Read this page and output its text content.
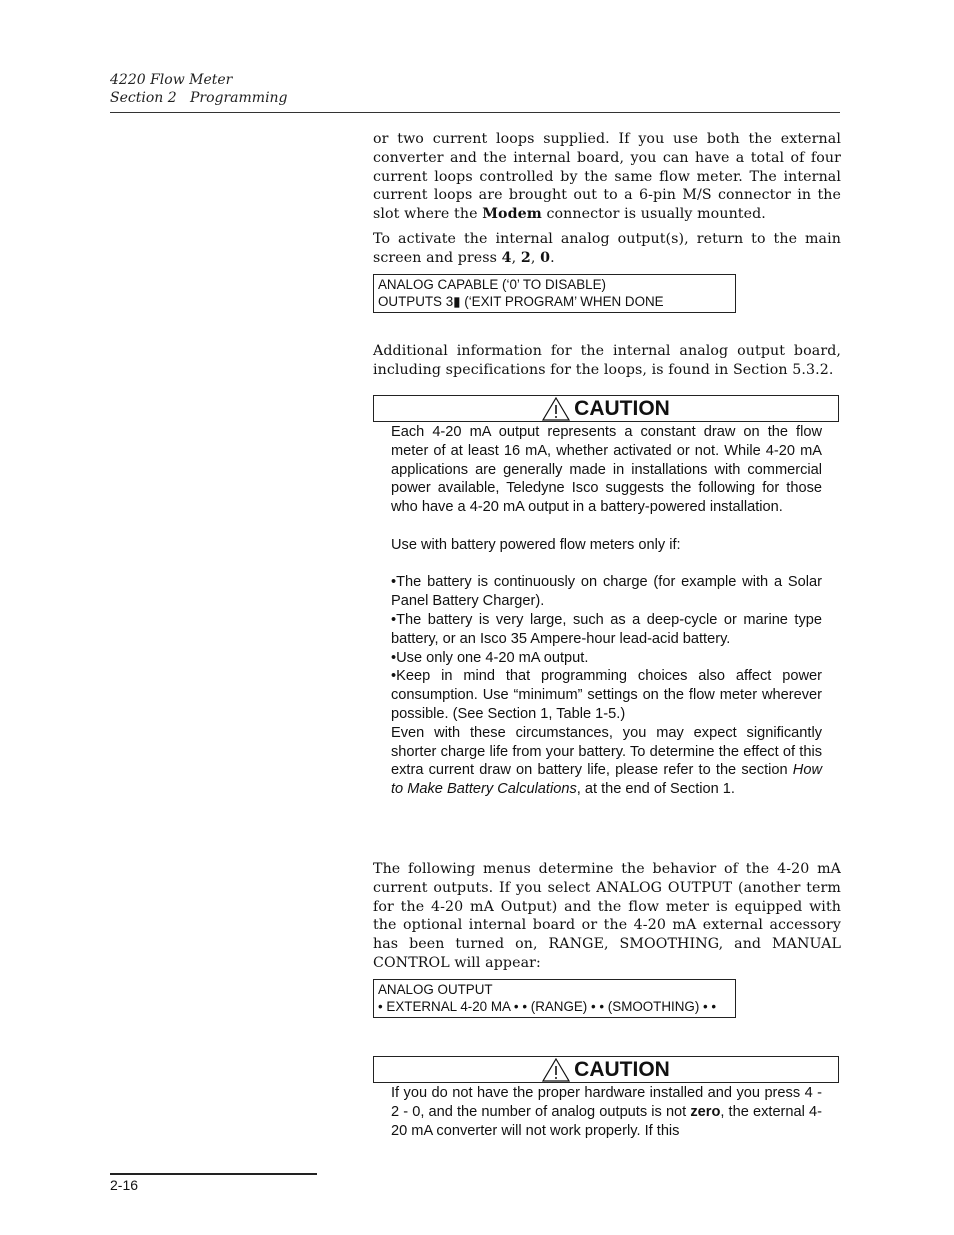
4220 Flow Meter
Section 2   Programming
or two current loops supplied. If you use both the external converter and the internal board, you can have a total of four current loops controlled by the same flow meter. The internal current loops are brought out to a 6-pin M/S connector in the slot where the Modem connector is usually mounted.
To activate the internal analog output(s), return to the main screen and press 4, 2, 0.
ANALOG CAPABLE (‘0’ TO DISABLE)
OUTPUTS 3▮ (‘EXIT PROGRAM’ WHEN DONE
Additional information for the internal analog output board, including specifications for the loops, is found in Section 5.3.2.
CAUTION

Each 4-20 mA output represents a constant draw on the flow meter of at least 16 mA, whether activated or not. While 4-20 mA applications are generally made in installations with commercial power available, Teledyne Isco suggests the following for those who have a 4-20 mA output in a battery-powered installation.

Use with battery powered flow meters only if:

•The battery is continuously on charge (for example with a Solar Panel Battery Charger).

•The battery is very large, such as a deep-cycle or marine type battery, or an Isco 35 Ampere-hour lead-acid battery.

•Use only one 4-20 mA output.

•Keep in mind that programming choices also affect power consumption. Use “minimum” settings on the flow meter wherever possible. (See Section 1, Table 1-5.)

Even with these circumstances, you may expect significantly shorter charge life from your battery. To determine the effect of this extra current draw on battery life, please refer to the section How to Make Battery Calculations, at the end of Section 1.

The following menus determine the behavior of the 4-20 mA current outputs. If you select ANALOG OUTPUT (another term for the 4-20 mA Output) and the flow meter is equipped with the optional internal board or the 4-20 mA external accessory has been turned on, RANGE, SMOOTHING, and MANUAL CONTROL will appear:
ANALOG OUTPUT
• EXTERNAL 4-20 MA • • (RANGE) • • (SMOOTHING) • •
CAUTION

If you do not have the proper hardware installed and you press 4 - 2 - 0, and the number of analog outputs is not zero, the external 4-20 mA converter will not work properly. If this

2-16
